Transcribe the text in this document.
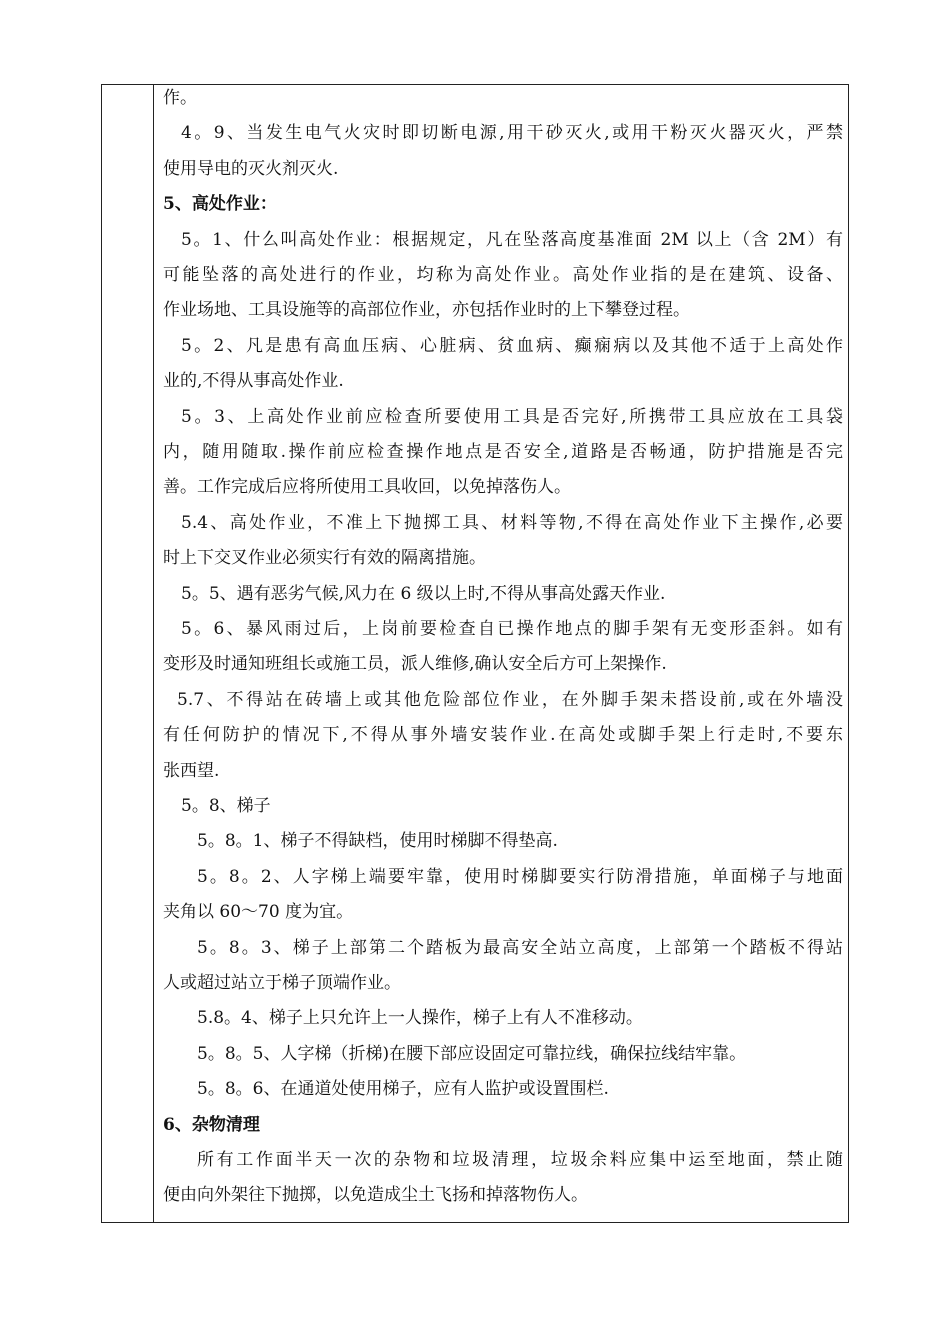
作。
4。9、当发生电气火灾时即切断电源,用干砂灭火,或用干粉灭火器灭火，严禁
使用导电的灭火剂灭火.
5、高处作业：
5。1、什么叫高处作业：根据规定，凡在坠落高度基准面 2M 以上（含 2M）有
可能坠落的高处进行的作业，均称为高处作业。高处作业指的是在建筑、设备、
作业场地、工具设施等的高部位作业，亦包括作业时的上下攀登过程。
5。2、凡是患有高血压病、心脏病、贫血病、癫痫病以及其他不适于上高处作
业的,不得从事高处作业.
5。3、上高处作业前应检查所要使用工具是否完好,所携带工具应放在工具袋
内，随用随取.操作前应检查操作地点是否安全,道路是否畅通，防护措施是否完
善。工作完成后应将所使用工具收回，以免掉落伤人。
5.4、高处作业，不准上下抛掷工具、材料等物,不得在高处作业下主操作,必要
时上下交叉作业必须实行有效的隔离措施。
5。5、遇有恶劣气候,风力在 6 级以上时,不得从事高处露天作业.
5。6、暴风雨过后，上岗前要检查自已操作地点的脚手架有无变形歪斜。如有
变形及时通知班组长或施工员，派人维修,确认安全后方可上架操作.
5.7、不得站在砖墙上或其他危险部位作业，在外脚手架未搭设前,或在外墙没
有任何防护的情况下,不得从事外墙安装作业.在高处或脚手架上行走时,不要东
张西望.
5。8、梯子
5。8。1、梯子不得缺档，使用时梯脚不得垫高.
5。8。2、人字梯上端要牢靠，使用时梯脚要实行防滑措施，单面梯子与地面
夹角以 60～70 度为宜。
5。8。3、梯子上部第二个踏板为最高安全站立高度，上部第一个踏板不得站
人或超过站立于梯子顶端作业。
5.8。4、梯子上只允许上一人操作，梯子上有人不准移动。
5。8。5、人字梯（折梯)在腰下部应设固定可靠拉线，确保拉线结牢靠。
5。8。6、在通道处使用梯子，应有人监护或设置围栏.
6、杂物清理
所有工作面半天一次的杂物和垃圾清理，垃圾余料应集中运至地面，禁止随
便由向外架往下抛掷，以免造成尘土飞扬和掉落物伤人。
